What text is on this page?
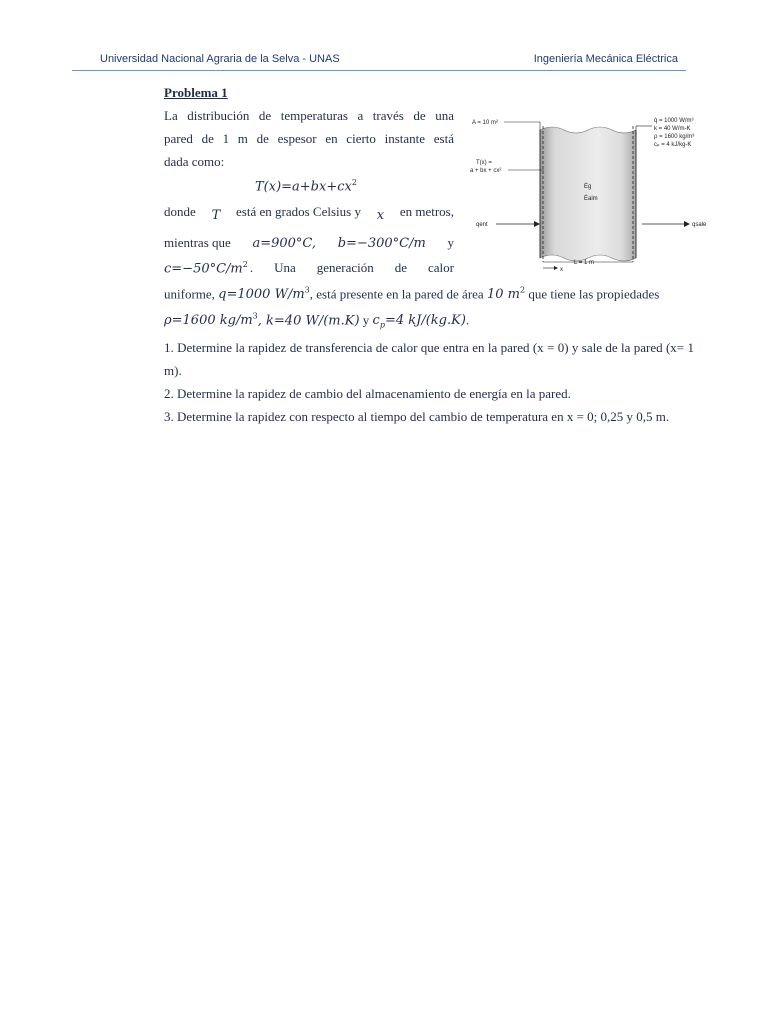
Universidad Nacional Agraria de la Selva - UNAS	Ingeniería Mecánica Eléctrica
Problema 1
La distribución de temperaturas a través de una
pared de 1 m de espesor en cierto instante está
dada como:
$T(x)=a+bx+cx^2$
donde T está en grados Celsius y x en metros,
mientras que a=900°C, b=−300°C/m y
$c=-50^\circ C/m^2$ . Una generación de calor
uniforme, q=1000 $W/m^3$, está presente en la pared de área 10 $m^2$ que tiene las propiedades
ρ=1600 $kg/m^3$, k=40 W/(m.K) y $c_p=4$ kJ/(kg.K).
1. Determine la rapidez de transferencia de calor que entra en la pared (x = 0) y sale de la pared (x= 1 m).
2. Determine la rapidez de cambio del almacenamiento de energía en la pared.
3. Determine la rapidez con respecto al tiempo del cambio de temperatura en x = 0; 0,25 y 0,5 m.
A = 10 m²	q̇ = 1000 W/m³
k = 40 W/m-K
ρ = 1600 kg/m³
cₚ = 4 kJ/kg-K
T(x) =
a + bx + cx²
Ėg
Ėalm
qent	qsale
L = 1 m
x
